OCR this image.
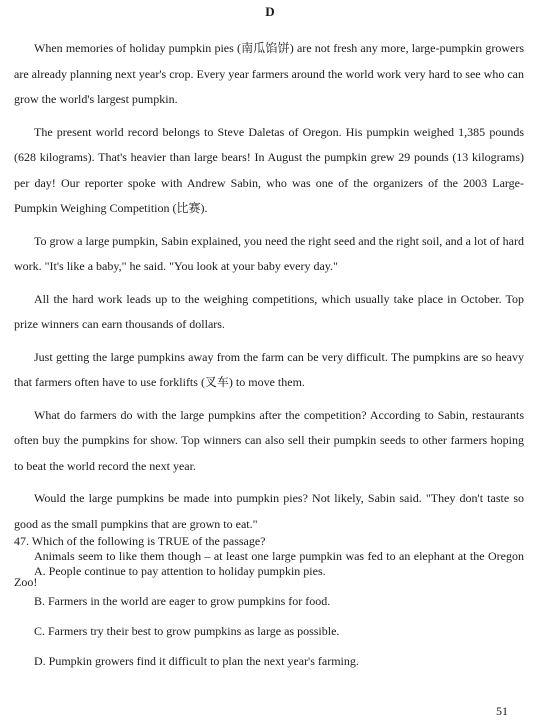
D

When memories of holiday pumpkin pies (南瓜馅饼) are not fresh any more, large-pumpkin growers are already planning next year's crop. Every year farmers around the world work very hard to see who can grow the world's largest pumpkin.

The present world record belongs to Steve Daletas of Oregon. His pumpkin weighed 1,385 pounds (628 kilograms). That's heavier than large bears! In August the pumpkin grew 29 pounds (13 kilograms) per day! Our reporter spoke with Andrew Sabin, who was one of the organizers of the 2003 Large-Pumpkin Weighing Competition (比赛).

To grow a large pumpkin, Sabin explained, you need the right seed and the right soil, and a lot of hard work. "It's like a baby," he said. "You look at your baby every day."

All the hard work leads up to the weighing competitions, which usually take place in October. Top prize winners can earn thousands of dollars.

Just getting the large pumpkins away from the farm can be very difficult. The pumpkins are so heavy that farmers often have to use forklifts (叉车) to move them.

What do farmers do with the large pumpkins after the competition? According to Sabin, restaurants often buy the pumpkins for show. Top winners can also sell their pumpkin seeds to other farmers hoping to beat the world record the next year.

Would the large pumpkins be made into pumpkin pies? Not likely, Sabin said. "They don't taste so good as the small pumpkins that are grown to eat."

Animals seem to like them though – at least one large pumpkin was fed to an elephant at the Oregon Zoo!

47. Which of the following is TRUE of the passage?

A. People continue to pay attention to holiday pumpkin pies.

B. Farmers in the world are eager to grow pumpkins for food.

C. Farmers try their best to grow pumpkins as large as possible.

D. Pumpkin growers find it difficult to plan the next year's farming.

51
